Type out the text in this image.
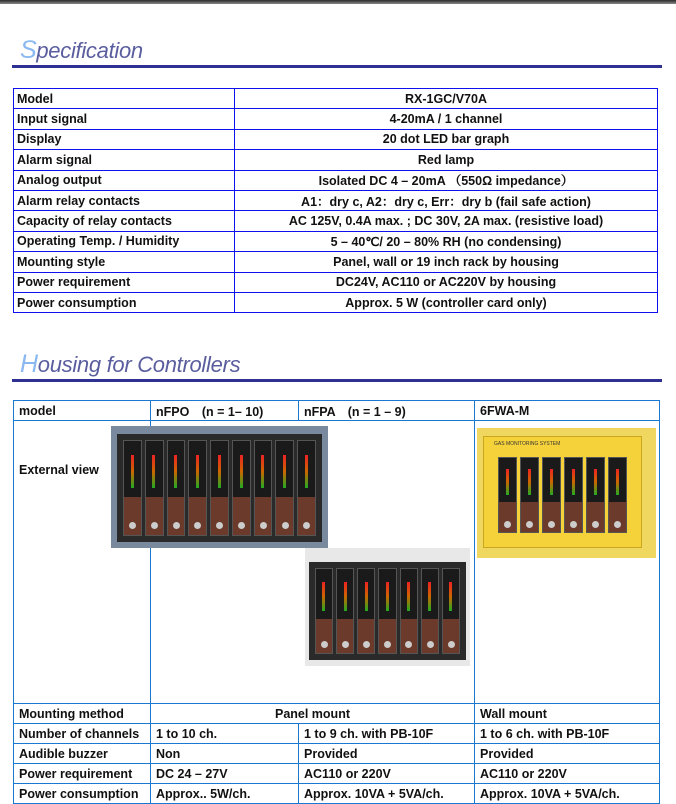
Specification
Model	RX-1GC/V70A
Input signal	4-20mA / 1 channel
Display	20 dot LED bar graph
Alarm signal	Red lamp
Analog output	Isolated DC 4 – 20mA （550Ω impedance）
Alarm relay contacts	A1：dry c, A2：dry c, Err：dry b (fail safe action)
Capacity of relay contacts	AC 125V, 0.4A max. ; DC 30V, 2A max. (resistive load)
Operating Temp. / Humidity	5 – 40℃/ 20 – 80% RH (no condensing)
Mounting style	Panel, wall or 19 inch rack by housing
Power requirement	DC24V, AC110 or AC220V by housing
Power consumption	Approx. 5 W (controller card only)
Housing for Controllers
model	nFPO　(n = 1– 10)	nFPA　(n = 1 – 9)	6FWA-M
External view			
Mounting method	Panel mount		Wall mount
Number of channels	1 to 10 ch.	1 to 9 ch. with PB-10F	1 to 6 ch. with PB-10F
Audible buzzer	Non	Provided	Provided
Power requirement	DC 24 – 27V	AC110 or 220V	AC110 or 220V
Power consumption	Approx.. 5W/ch.	Approx. 10VA + 5VA/ch.	Approx. 10VA + 5VA/ch.
GAS MONITORING SYSTEM
